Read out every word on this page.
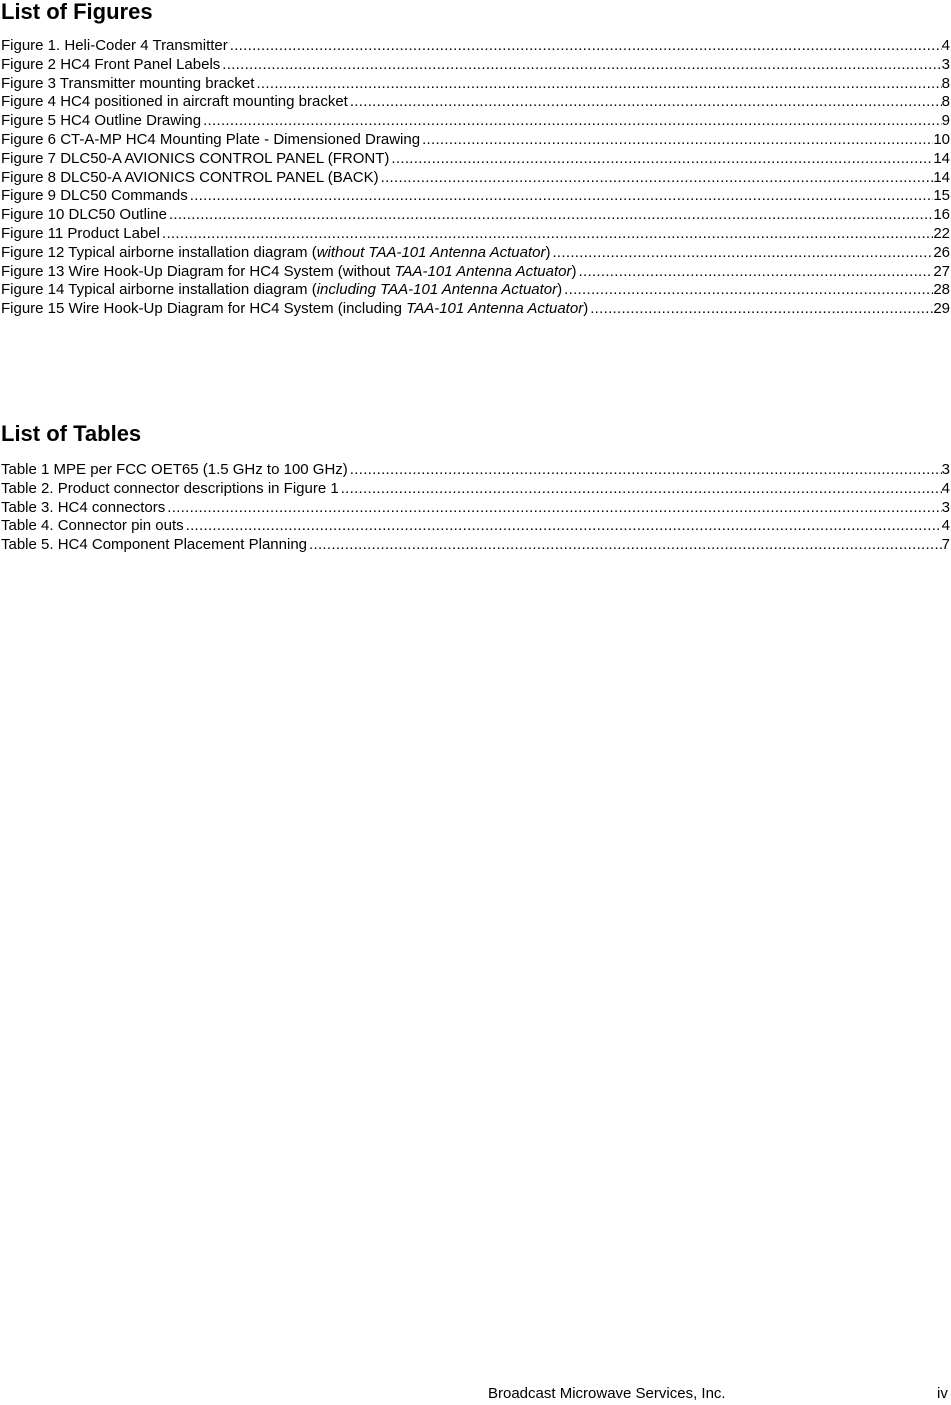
List of Figures
Figure 1. Heli-Coder 4 Transmitter .....	4
Figure 2 HC4 Front Panel Labels .....	3
Figure 3 Transmitter mounting bracket .....	8
Figure 4 HC4 positioned in aircraft mounting bracket .....	8
Figure 5 HC4 Outline Drawing .....	9
Figure 6 CT-A-MP HC4 Mounting Plate - Dimensioned Drawing .....	10
Figure 7 DLC50-A AVIONICS CONTROL PANEL (FRONT) .....	14
Figure 8 DLC50-A AVIONICS CONTROL PANEL (BACK) .....	14
Figure 9 DLC50 Commands .....	15
Figure 10 DLC50 Outline .....	16
Figure 11 Product Label .....	22
Figure 12 Typical airborne installation diagram (without TAA-101 Antenna Actuator) .....	26
Figure 13 Wire Hook-Up Diagram for HC4 System (without TAA-101 Antenna Actuator) .....	27
Figure 14 Typical airborne installation diagram (including TAA-101 Antenna Actuator) .....	28
Figure 15 Wire Hook-Up Diagram for HC4 System (including TAA-101 Antenna Actuator) .....	29
List of Tables
Table 1 MPE per FCC OET65 (1.5 GHz to 100 GHz) .....	3
Table 2. Product connector descriptions in Figure 1 .....	4
Table 3. HC4 connectors .....	3
Table 4. Connector pin outs .....	4
Table 5. HC4 Component Placement Planning .....	7
Broadcast Microwave Services, Inc.	iv
